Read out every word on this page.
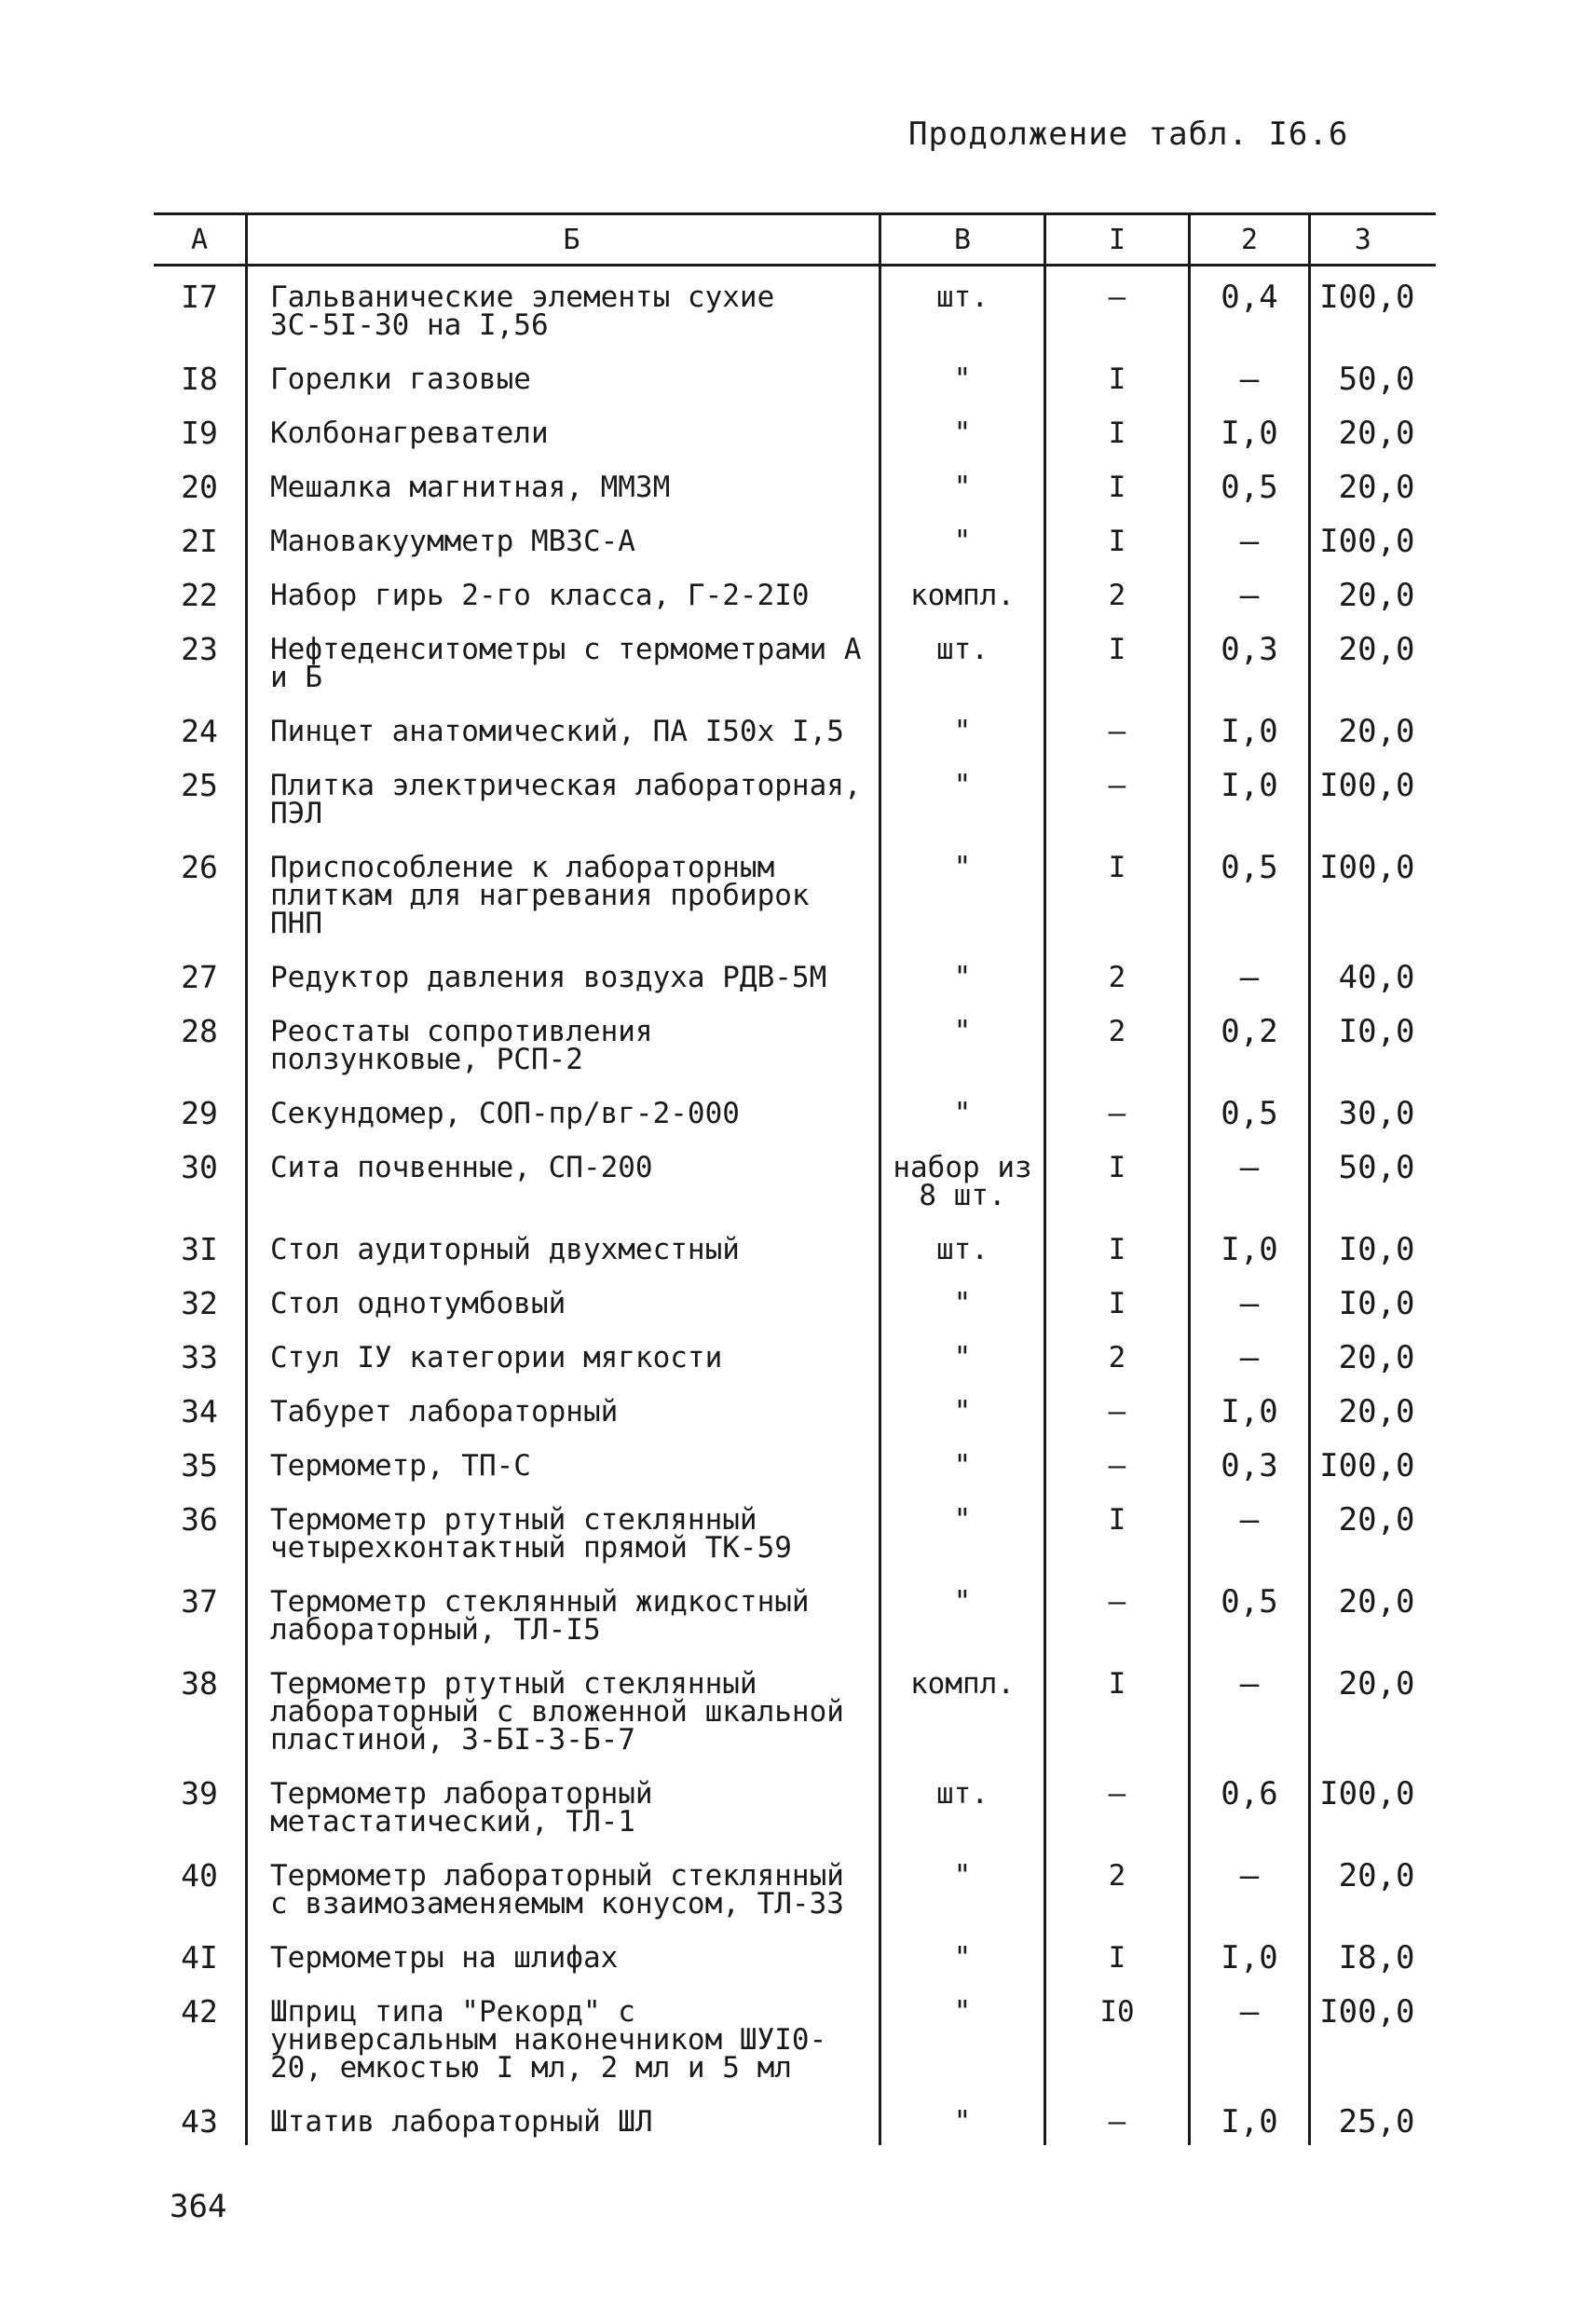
Продолжение табл. I6.6
А	Б	В	I	2	3
I7	Гальванические элементы сухие 3С-5I-30 на I,56	шт.	–	0,4	I00,0
I8	Горелки газовые	"	I	–	50,0
I9	Колбонагреватели	"	I	I,0	20,0
20	Мешалка магнитная, ММЗМ	"	I	0,5	20,0
2I	Мановакуумметр МВЗС-А	"	I	–	I00,0
22	Набор гирь 2-го класса, Г-2-2I0	компл.	2	–	20,0
23	Нефтеденситометры с термометрами А и Б	шт.	I	0,3	20,0
24	Пинцет анатомический, ПА I50х I,5	"	–	I,0	20,0
25	Плитка электрическая лабораторная, ПЭЛ	"	–	I,0	I00,0
26	Приспособление к лабораторным плиткам для нагревания пробирок ПНП	"	I	0,5	I00,0
27	Редуктор давления воздуха РДВ-5М	"	2	–	40,0
28	Реостаты сопротивления ползунковые, РСП-2	"	2	0,2	I0,0
29	Секундомер, СОП-пр/вг-2-000	"	–	0,5	30,0
30	Сита почвенные, СП-200	набор из 8 шт.	I	–	50,0
3I	Стол аудиторный двухместный	шт.	I	I,0	I0,0
32	Стол однотумбовый	"	I	–	I0,0
33	Стул IУ категории мягкости	"	2	–	20,0
34	Табурет лабораторный	"	–	I,0	20,0
35	Термометр, ТП-С	"	–	0,3	I00,0
36	Термометр ртутный стеклянный четырехконтактный прямой ТК-59	"	I	–	20,0
37	Термометр стеклянный жидкостный лабораторный, ТЛ-I5	"	–	0,5	20,0
38	Термометр ртутный стеклянный лабораторный с вложенной шкальной пластиной, 3-БI-3-Б-7	компл.	I	–	20,0
39	Термометр лабораторный метастатический, ТЛ-1	шт.	–	0,6	I00,0
40	Термометр лабораторный стеклянный с взаимозаменяемым конусом, ТЛ-33	"	2	–	20,0
4I	Термометры на шлифах	"	I	I,0	I8,0
42	Шприц типа "Рекорд" с универсальным наконечником ШУI0-20, емкостью I мл, 2 мл и 5 мл	"	I0	–	I00,0
43	Штатив лабораторный ШЛ	"	–	I,0	25,0
364
